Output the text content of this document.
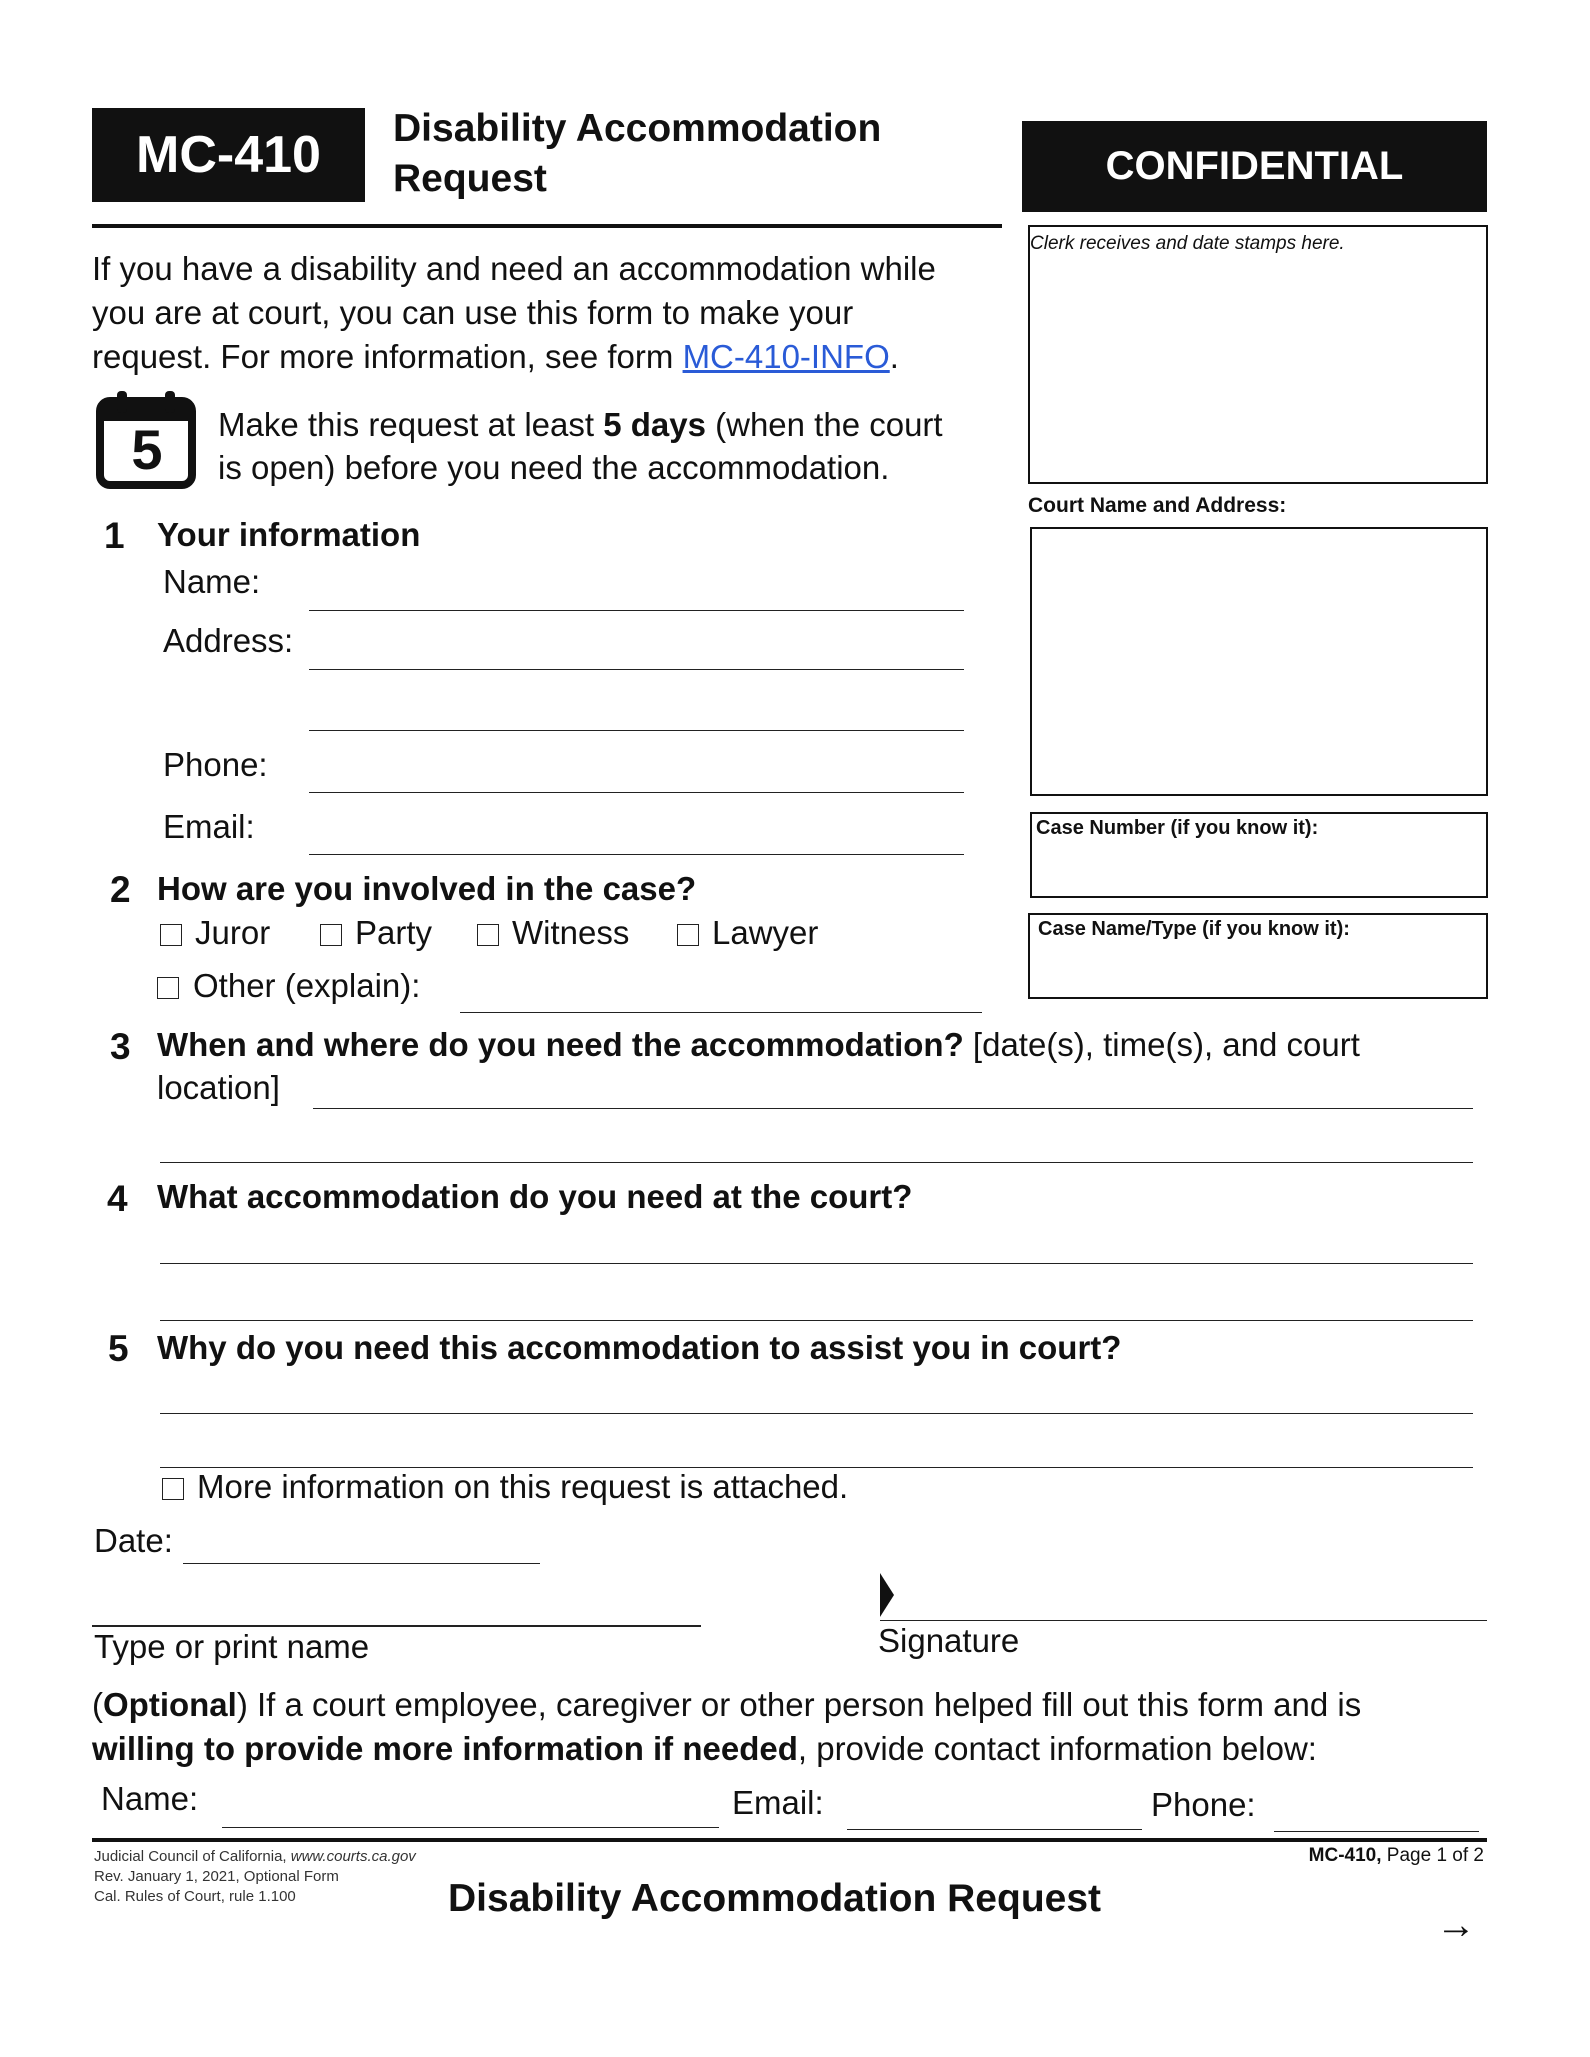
MC-410 Disability Accommodation
Request	CONFIDENTIAL
If you have a disability and need an accommodation while
you are at court, you can use this form to make your
request. For more information, see form MC-410-INFO.
5	Make this request at least 5 days (when the court
is open) before you need the accommodation.
Clerk receives and date stamps here.
Court Name and Address:
Case Number (if you know it):
Case Name/Type (if you know it):
1 Your information
Name:
Address:
Phone:
Email:
2 How are you involved in the case?
Juror	Party Witness	Lawyer
Other (explain):
3 When and where do you need the accommodation? [date(s), time(s), and court
location]
4 What accommodation do you need at the court?
5 Why do you need this accommodation to assist you in court?
More information on this request is attached.
Date:
Type or print name	Signature
(Optional) If a court employee, caregiver or other person helped fill out this form and is
willing to provide more information if needed, provide contact information below:
Name:	Email:	Phone:
Judicial Council of California, www.courts.ca.gov
Rev. January 1, 2021, Optional Form
Cal. Rules of Court, rule 1.100	Disability Accommodation Request
MC-410, Page 1 of 2
→
